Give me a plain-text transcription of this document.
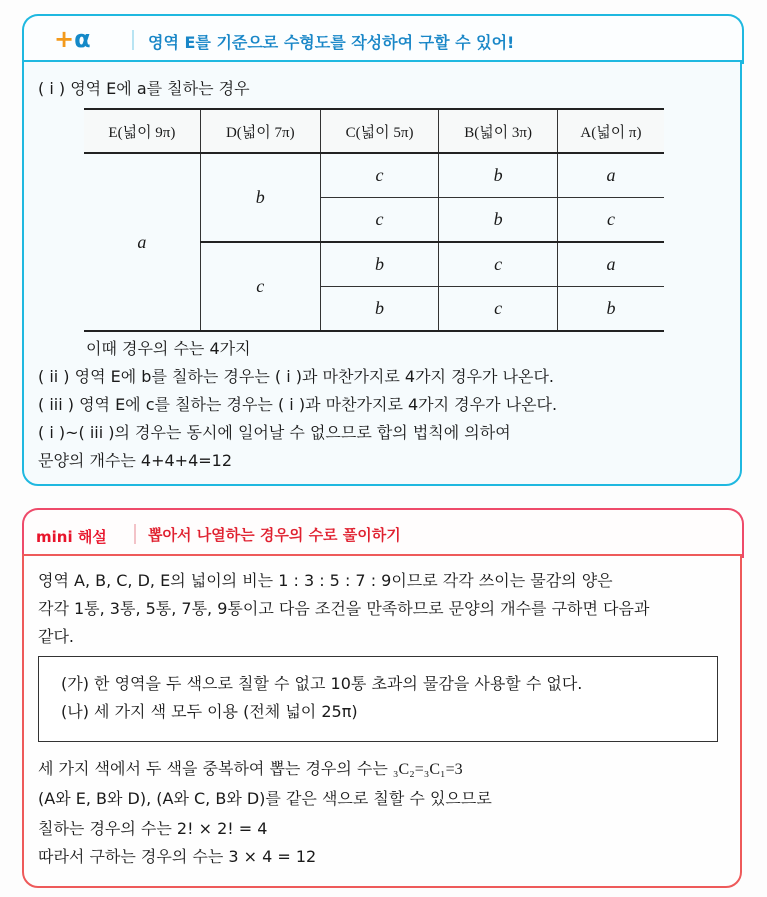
+α	영역 E를 기준으로 수형도를 작성하여 구할 수 있어!
( i ) 영역 E에 a를 칠하는 경우
E(넓이 9π)	D(넓이 7π)	C(넓이 5π)	B(넓이 3π)	A(넓이 π)
a	b	c	b	a
		c	b	c
	c	b	c	a
		b	c	b
이때 경우의 수는 4가지
( ii ) 영역 E에 b를 칠하는 경우는 ( i )과 마찬가지로 4가지 경우가 나온다.
( iii ) 영역 E에 c를 칠하는 경우는 ( i )과 마찬가지로 4가지 경우가 나온다.
( i )~( iii )의 경우는 동시에 일어날 수 없으므로 합의 법칙에 의하여
문양의 개수는 4+4+4=12
mini 해설	뽑아서 나열하는 경우의 수로 풀이하기
영역 A, B, C, D, E의 넓이의 비는 1 : 3 : 5 : 7 : 9이므로 각각 쓰이는 물감의 양은
각각 1통, 3통, 5통, 7통, 9통이고 다음 조건을 만족하므로 문양의 개수를 구하면 다음과
같다.
(가) 한 영역을 두 색으로 칠할 수 없고 10통 초과의 물감을 사용할 수 없다.
(나) 세 가지 색 모두 이용 (전체 넓이 25π)
세 가지 색에서 두 색을 중복하여 뽑는 경우의 수는 ₃C₂=₃C₁=3
(A와 E, B와 D), (A와 C, B와 D)를 같은 색으로 칠할 수 있으므로
칠하는 경우의 수는 2! × 2! = 4
따라서 구하는 경우의 수는 3 × 4 = 12
